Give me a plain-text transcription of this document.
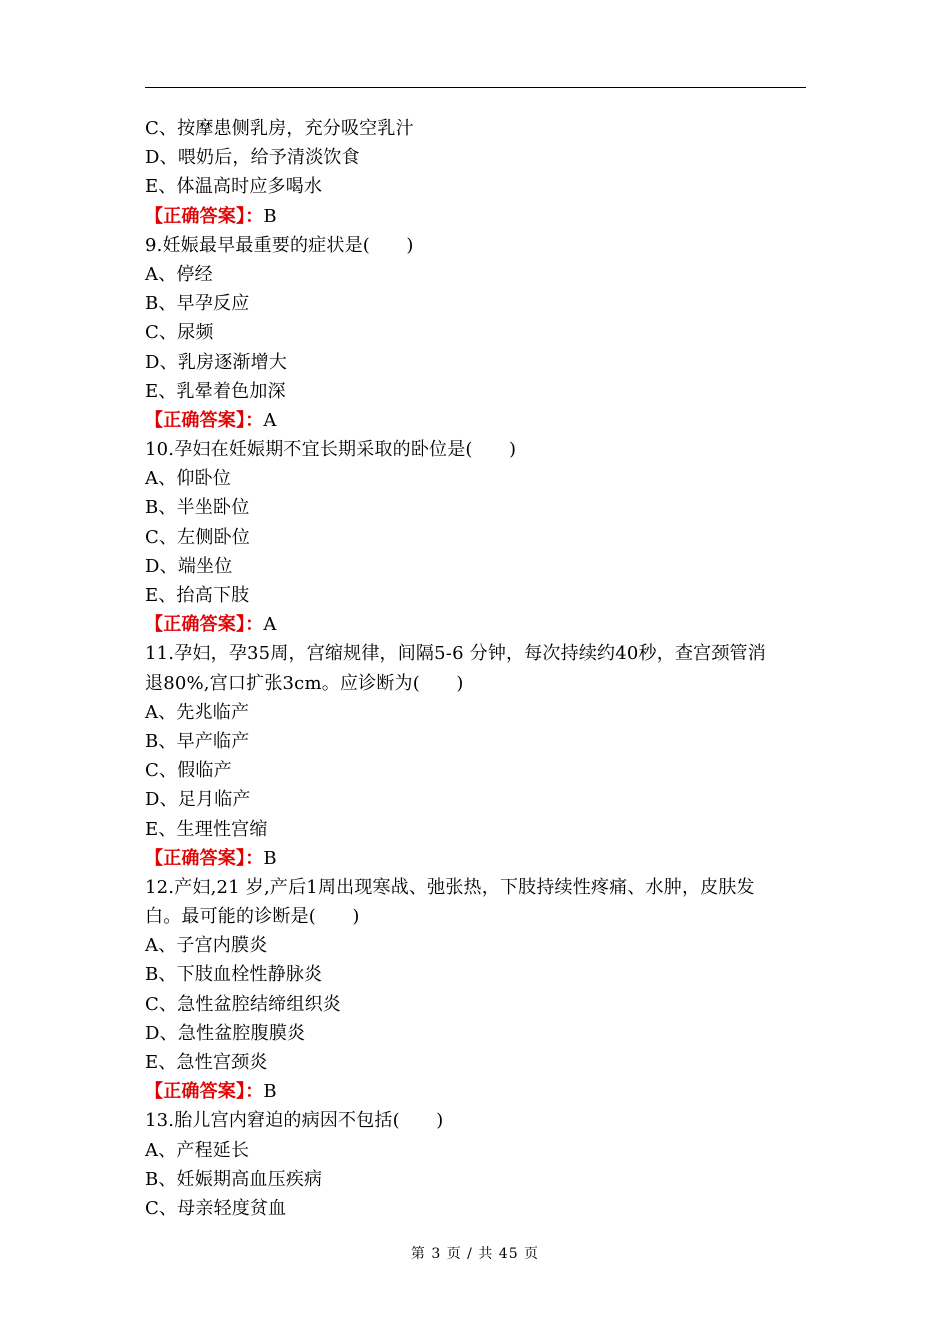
C、按摩患侧乳房，充分吸空乳汁
D、喂奶后，给予清淡饮食
E、体温高时应多喝水
【正确答案】：B
9.妊娠最早最重要的症状是(　　)
A、停经
B、早孕反应
C、尿频
D、乳房逐渐增大
E、乳晕着色加深
【正确答案】：A
10.孕妇在妊娠期不宜长期采取的卧位是(　　)
A、仰卧位
B、半坐卧位
C、左侧卧位
D、端坐位
E、抬高下肢
【正确答案】：A
11.孕妇，孕35周，宫缩规律，间隔5-6 分钟，每次持续约40秒，查宫颈管消
退80%,宫口扩张3cm。应诊断为(　　)
A、先兆临产
B、早产临产
C、假临产
D、足月临产
E、生理性宫缩
【正确答案】：B
12.产妇,21 岁,产后1周出现寒战、弛张热，下肢持续性疼痛、水肿，皮肤发
白。最可能的诊断是(　　)
A、子宫内膜炎
B、下肢血栓性静脉炎
C、急性盆腔结缔组织炎
D、急性盆腔腹膜炎
E、急性宫颈炎
【正确答案】：B
13.胎儿宫内窘迫的病因不包括(　　)
A、产程延长
B、妊娠期高血压疾病
C、母亲轻度贫血
第 3 页 / 共 45 页
